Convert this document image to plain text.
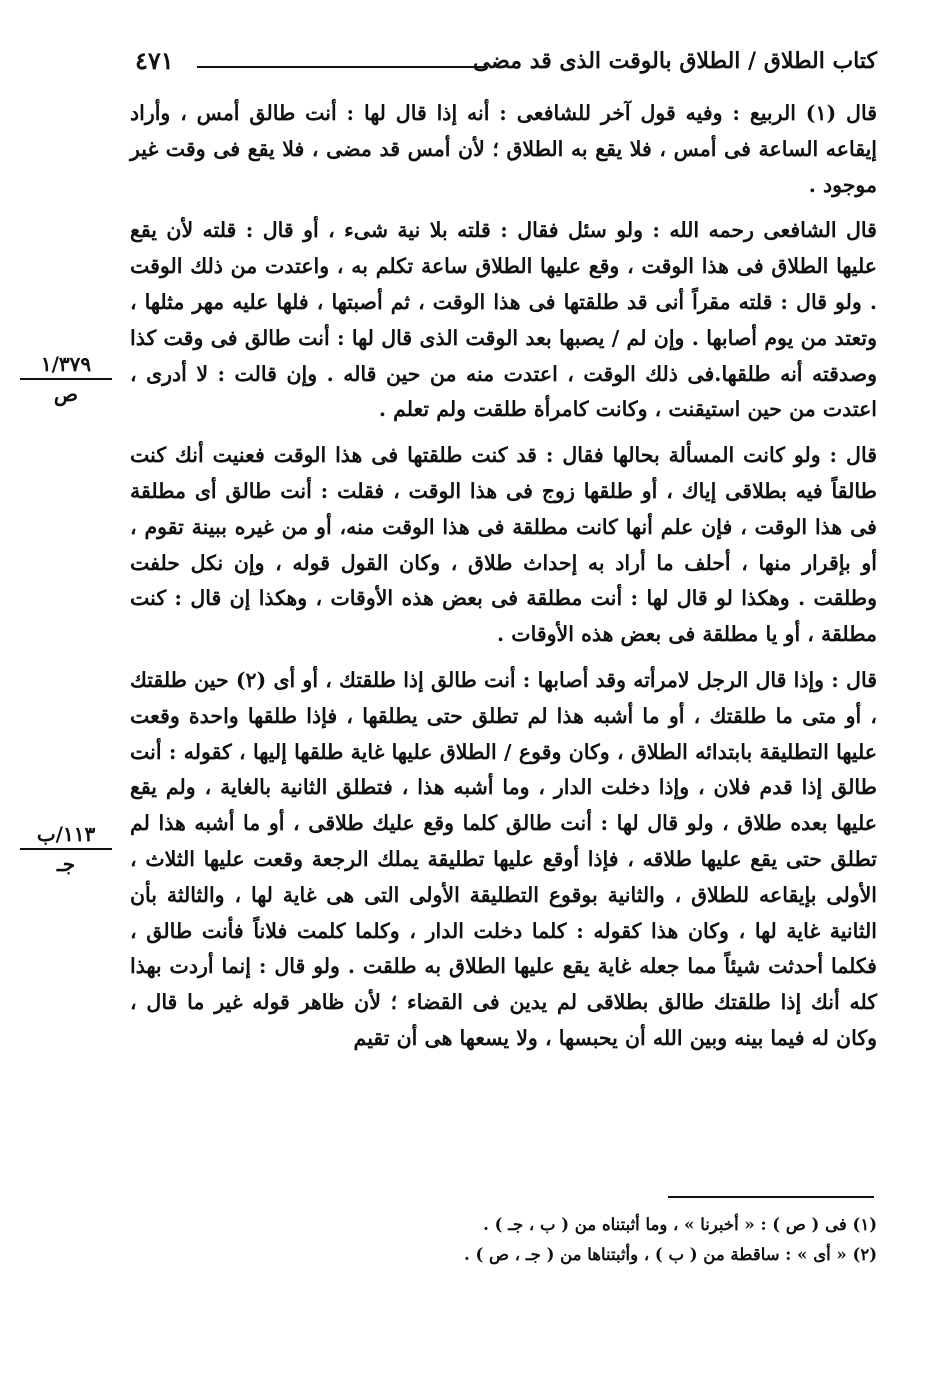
كتاب الطلاق / الطلاق بالوقت الذى قد مضى
٤٧١

قال (١) الربيع : وفيه قول آخر للشافعى : أنه إذا قال لها : أنت طالق أمس ، وأراد إيقاعه الساعة فى أمس ، فلا يقع به الطلاق ؛ لأن أمس قد مضى ، فلا يقع فى وقت غير موجود .

قال الشافعى رحمه الله : ولو سئل فقال : قلته بلا نية شىء ، أو قال : قلته لأن يقع عليها الطلاق فى هذا الوقت ، وقع عليها الطلاق ساعة تكلم به ، واعتدت من ذلك الوقت . ولو قال : قلته مقراً أنى قد طلقتها فى هذا الوقت ، ثم أصبتها ، فلها عليه مهر مثلها ، وتعتد من يوم أصابها . وإن لم / يصبها بعد الوقت الذى قال لها : أنت طالق فى وقت كذا وصدقته أنه طلقها.فى ذلك الوقت ، اعتدت منه من حين قاله . وإن قالت : لا أدرى ، اعتدت من حين استيقنت ، وكانت كامرأة طلقت ولم تعلم .

قال : ولو كانت المسألة بحالها فقال : قد كنت طلقتها فى هذا الوقت فعنيت أنك كنت طالقاً فيه بطلاقى إياك ، أو طلقها زوج فى هذا الوقت ، فقلت : أنت طالق أى مطلقة فى هذا الوقت ، فإن علم أنها كانت مطلقة فى هذا الوقت منه، أو من غيره ببينة تقوم ، أو بإقرار منها ، أحلف ما أراد به إحداث طلاق ، وكان القول قوله ، وإن نكل حلفت وطلقت . وهكذا لو قال لها : أنت مطلقة فى بعض هذه الأوقات ، وهكذا إن قال : كنت مطلقة ، أو يا مطلقة فى بعض هذه الأوقات .

قال : وإذا قال الرجل لامرأته وقد أصابها : أنت طالق إذا طلقتك ، أو أى (٢) حين طلقتك ، أو متى ما طلقتك ، أو ما أشبه هذا لم تطلق حتى يطلقها ، فإذا طلقها واحدة وقعت عليها التطليقة بابتدائه الطلاق ، وكان وقوع / الطلاق عليها غاية طلقها إليها ، كقوله : أنت طالق إذا قدم فلان ، وإذا دخلت الدار ، وما أشبه هذا ، فتطلق الثانية بالغاية ، ولم يقع عليها بعده طلاق ، ولو قال لها : أنت طالق كلما وقع عليك طلاقى ، أو ما أشبه هذا لم تطلق حتى يقع عليها طلاقه ، فإذا أوقع عليها تطليقة يملك الرجعة وقعت عليها الثلاث ، الأولى بإيقاعه للطلاق ، والثانية بوقوع التطليقة الأولى التى هى غاية لها ، والثالثة بأن الثانية غاية لها ، وكان هذا كقوله : كلما دخلت الدار ، وكلما كلمت فلاناً فأنت طالق ، فكلما أحدثت شيئاً مما جعله غاية يقع عليها الطلاق به طلقت . ولو قال : إنما أردت بهذا كله أنك إذا طلقتك طالق بطلاقى لم يدين فى القضاء ؛ لأن ظاهر قوله غير ما قال ، وكان له فيما بينه وبين الله أن يحبسها ، ولا يسعها هى أن تقيم

١/٣٧٩
ص
١١٣/ب
جـ

(١) فى ( ص ) : « أخبرنا » ، وما أثبتناه من ( ب ، جـ ) .

(٢) « أى » : ساقطة من ( ب ) ، وأثبتناها من ( جـ ، ص ) .
